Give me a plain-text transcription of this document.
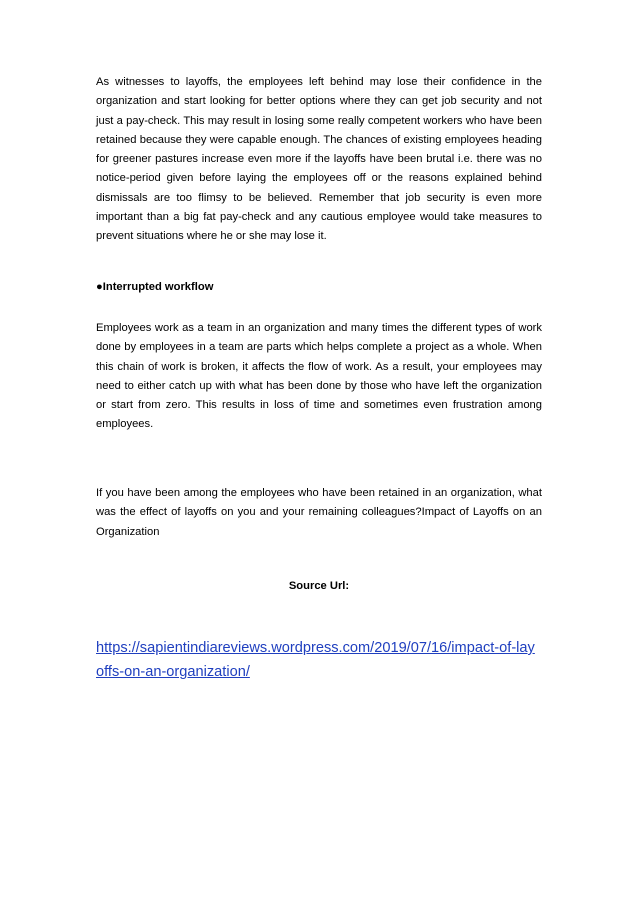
As witnesses to layoffs, the employees left behind may lose their confidence in the organization and start looking for better options where they can get job security and not just a pay-check. This may result in losing some really competent workers who have been retained because they were capable enough. The chances of existing employees heading for greener pastures increase even more if the layoffs have been brutal i.e. there was no notice-period given before laying the employees off or the reasons explained behind dismissals are too flimsy to be believed. Remember that job security is even more important than a big fat pay-check and any cautious employee would take measures to prevent situations where he or she may lose it.

●Interrupted workflow

Employees work as a team in an organization and many times the different types of work done by employees in a team are parts which helps complete a project as a whole. When this chain of work is broken, it affects the flow of work. As a result, your employees may need to either catch up with what has been done by those who have left the organization or start from zero. This results in loss of time and sometimes even frustration among employees.

If you have been among the employees who have been retained in an organization, what was the effect of layoffs on you and your remaining colleagues?Impact of Layoffs on an Organization

Source Url:

https://sapientindiareviews.wordpress.com/2019/07/16/impact-of-layoffs-on-an-organization/
